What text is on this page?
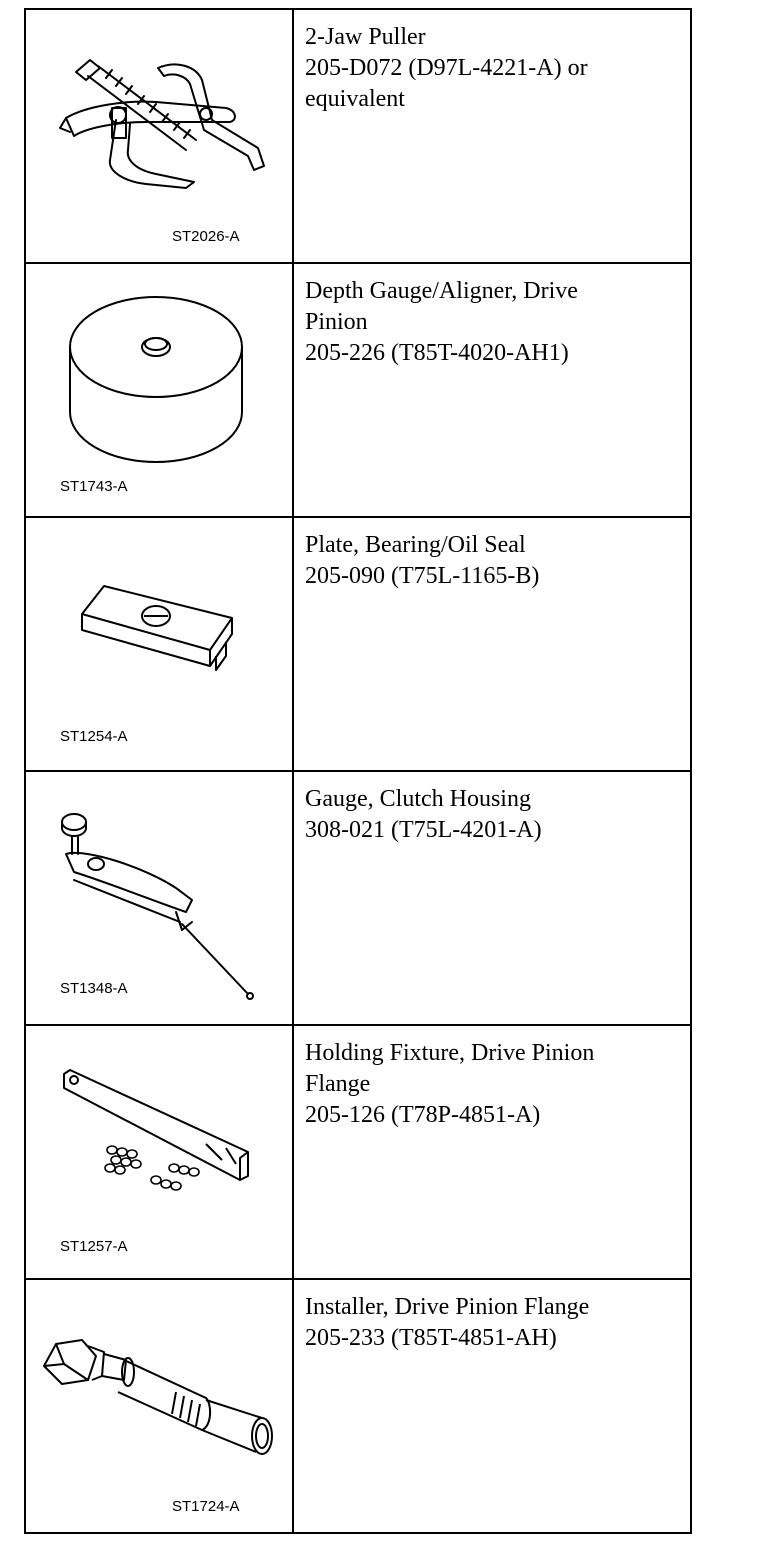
ST2026-A	2-Jaw Puller
205-D072 (D97L-4221-A) or
equivalent

ST1743-A	Depth Gauge/Aligner, Drive
Pinion
205-226 (T85T-4020-AH1)

ST1254-A	Plate, Bearing/Oil Seal
205-090 (T75L-1165-B)

ST1348-A	Gauge, Clutch Housing
308-021 (T75L-4201-A)

ST1257-A	Holding Fixture, Drive Pinion
Flange
205-126 (T78P-4851-A)

ST1724-A	Installer, Drive Pinion Flange
205-233 (T85T-4851-AH)
